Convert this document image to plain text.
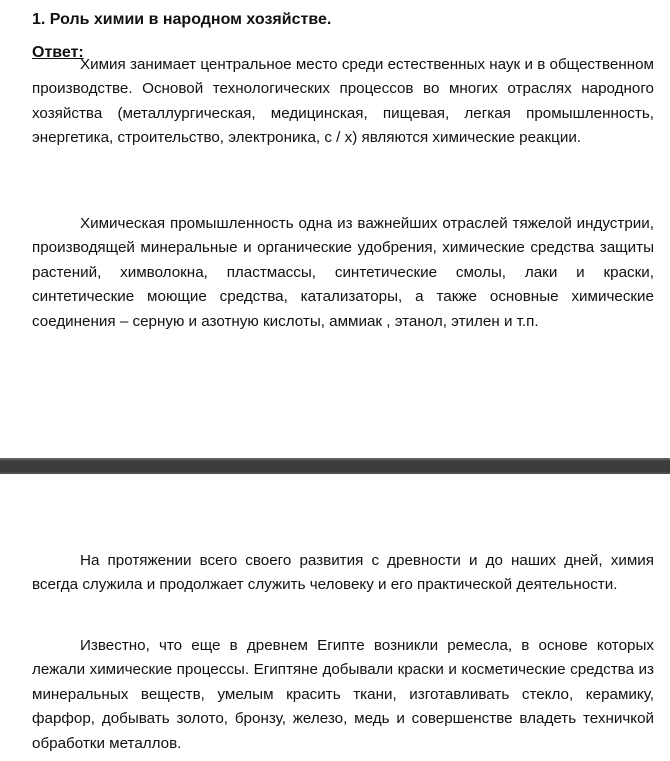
1. Роль химии в народном хозяйстве.
Ответ:

Химия занимает центральное место среди естественных наук и в общественном производстве. Основой технологических процессов во многих отраслях народного хозяйства (металлургическая, медицинская, пищевая, легкая промышленность, энергетика, строительство, электроника, с / х) являются химические реакции.

Химическая промышленность одна из важнейших отраслей тяжелой индустрии, производящей минеральные и органические удобрения, химические средства защиты растений, химволокна, пластмассы, синтетические смолы, лаки и краски, синтетические моющие средства, катализаторы, а также основные химические соединения – серную и азотную кислоты, аммиак , этанол, этилен и т.п.

На протяжении всего своего развития с древности и до наших дней, химия всегда служила и продолжает служить человеку и его практической деятельности.

Известно, что еще в древнем Египте возникли ремесла, в основе которых лежали химические процессы. Египтяне добывали краски и косметические средства из минеральных веществ, умелым красить ткани, изготавливать стекло, керамику, фарфор, добывать золото, бронзу, железо, медь и совершенстве владеть техничкой обработки металлов.
